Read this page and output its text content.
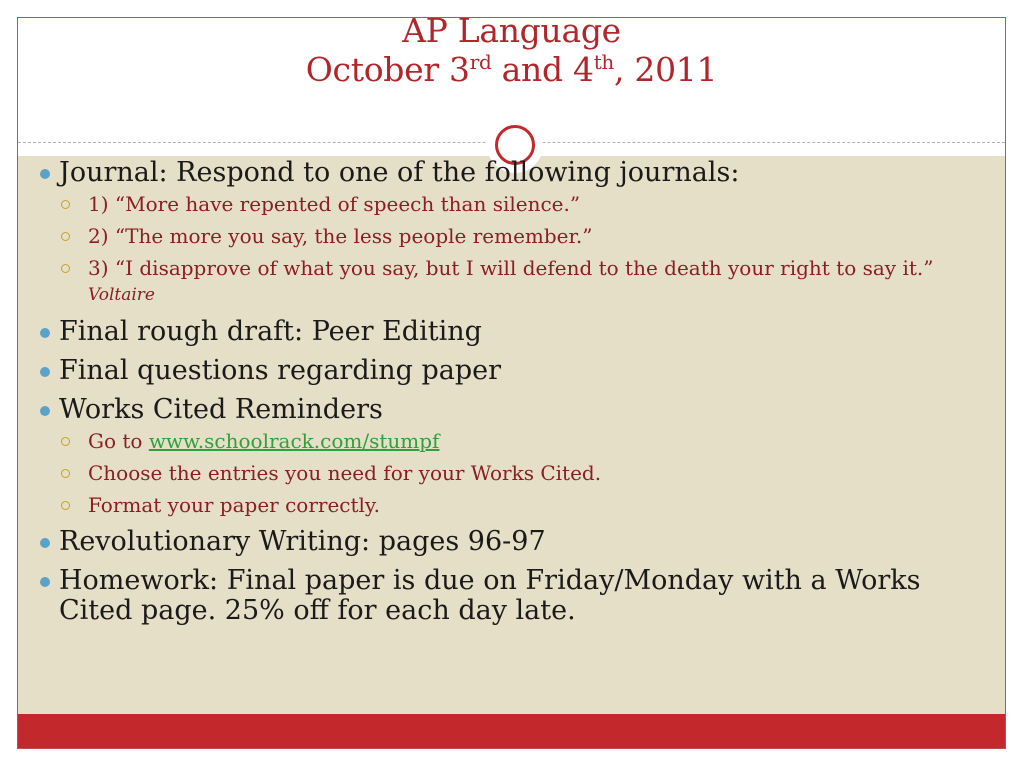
AP Language
October 3rd and 4th, 2011
Journal: Respond to one of the following journals:
1) “More have repented of speech than silence.”
2) “The more you say, the less people remember.”
3) “I disapprove of what you say, but I will defend to the death your right to say it.” Voltaire
Final rough draft: Peer Editing
Final questions regarding paper
Works Cited Reminders
Go to www.schoolrack.com/stumpf
Choose the entries you need for your Works Cited.
Format your paper correctly.
Revolutionary Writing: pages 96-97
Homework: Final paper is due on Friday/Monday with a Works Cited page. 25% off for each day late.
